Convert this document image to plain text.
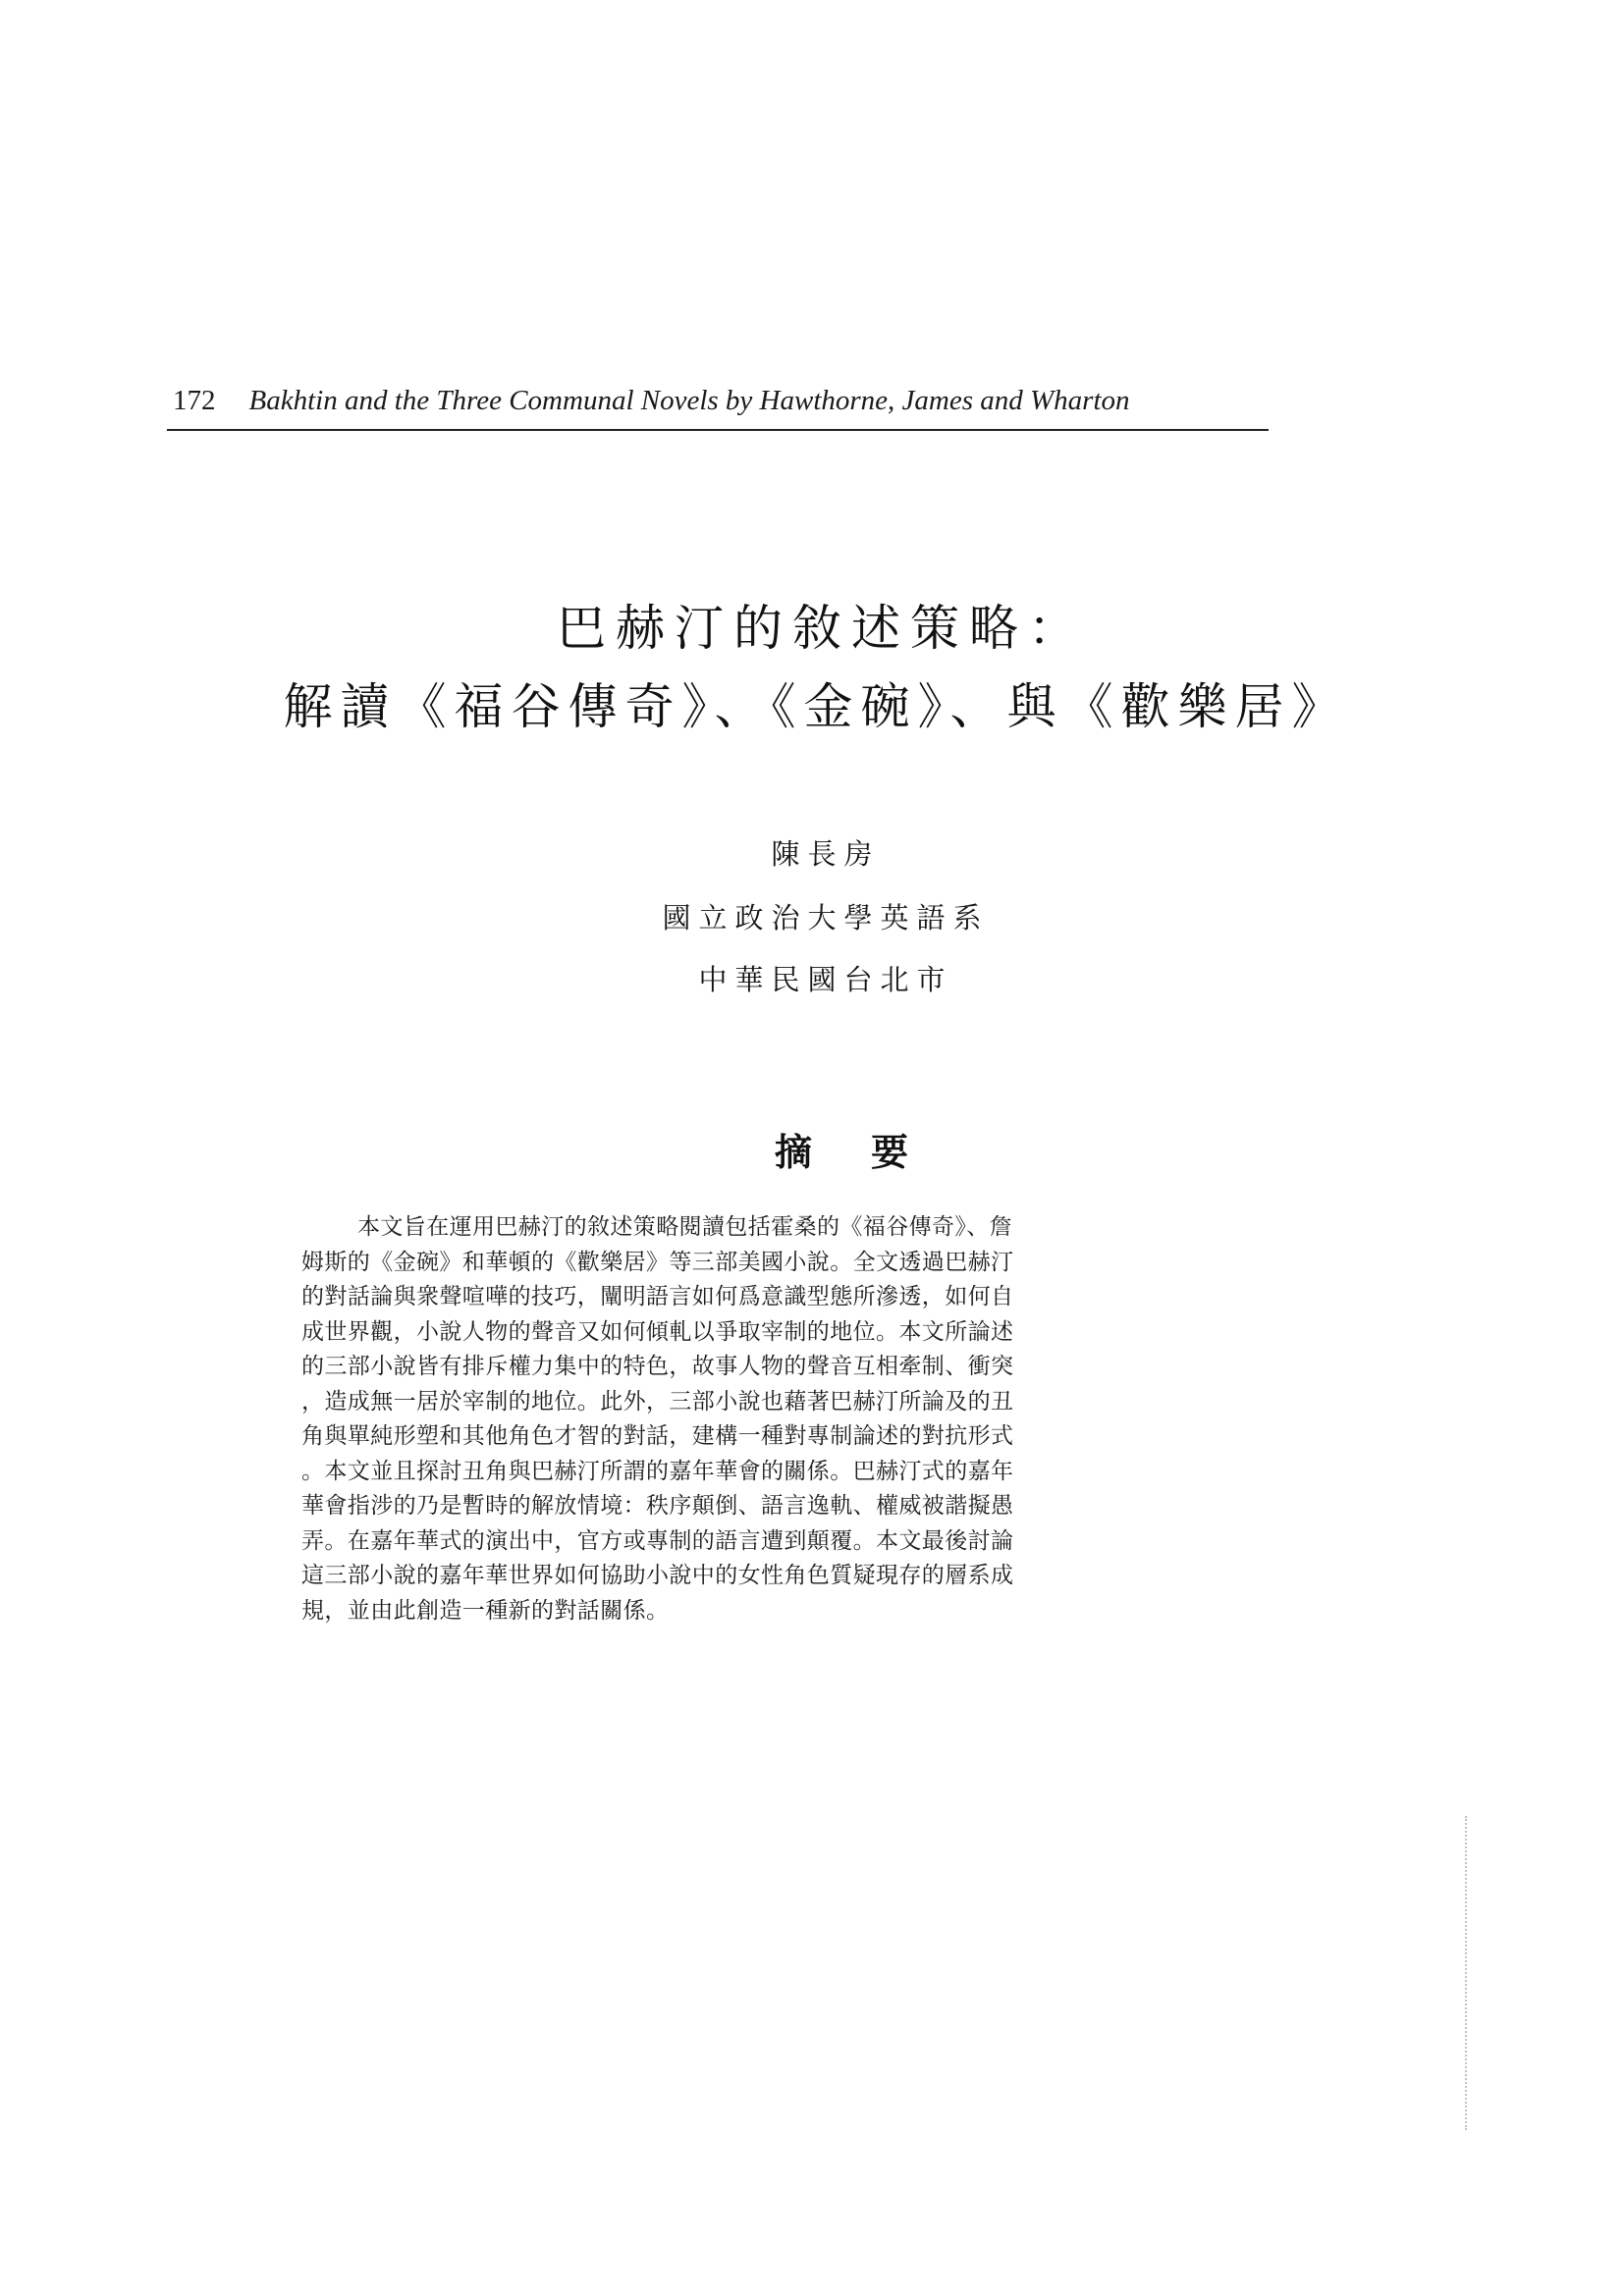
172 Bakhtin and the Three Communal Novels by Hawthorne, James and Wharton
巴赫汀的敘述策略：
解讀《福谷傳奇》、《金碗》、與《歡樂居》
陳長房
國立政治大學英語系
中華民國台北市
摘要
本文旨在運用巴赫汀的敘述策略閱讀包括霍桑的《福谷傳奇》、詹
姆斯的《金碗》和華頓的《歡樂居》等三部美國小說。全文透過巴赫汀
的對話論與衆聲喧嘩的技巧，闡明語言如何爲意識型態所滲透，如何自
成世界觀，小說人物的聲音又如何傾軋以爭取宰制的地位。本文所論述
的三部小說皆有排斥權力集中的特色，故事人物的聲音互相牽制、衝突
，造成無一居於宰制的地位。此外，三部小說也藉著巴赫汀所論及的丑
角與單純形塑和其他角色才智的對話，建構一種對專制論述的對抗形式
。本文並且探討丑角與巴赫汀所謂的嘉年華會的關係。巴赫汀式的嘉年
華會指涉的乃是暫時的解放情境：秩序顛倒、語言逸軌、權威被諧擬愚
弄。在嘉年華式的演出中，官方或專制的語言遭到顛覆。本文最後討論
這三部小說的嘉年華世界如何協助小說中的女性角色質疑現存的層系成
規，並由此創造一種新的對話關係。
